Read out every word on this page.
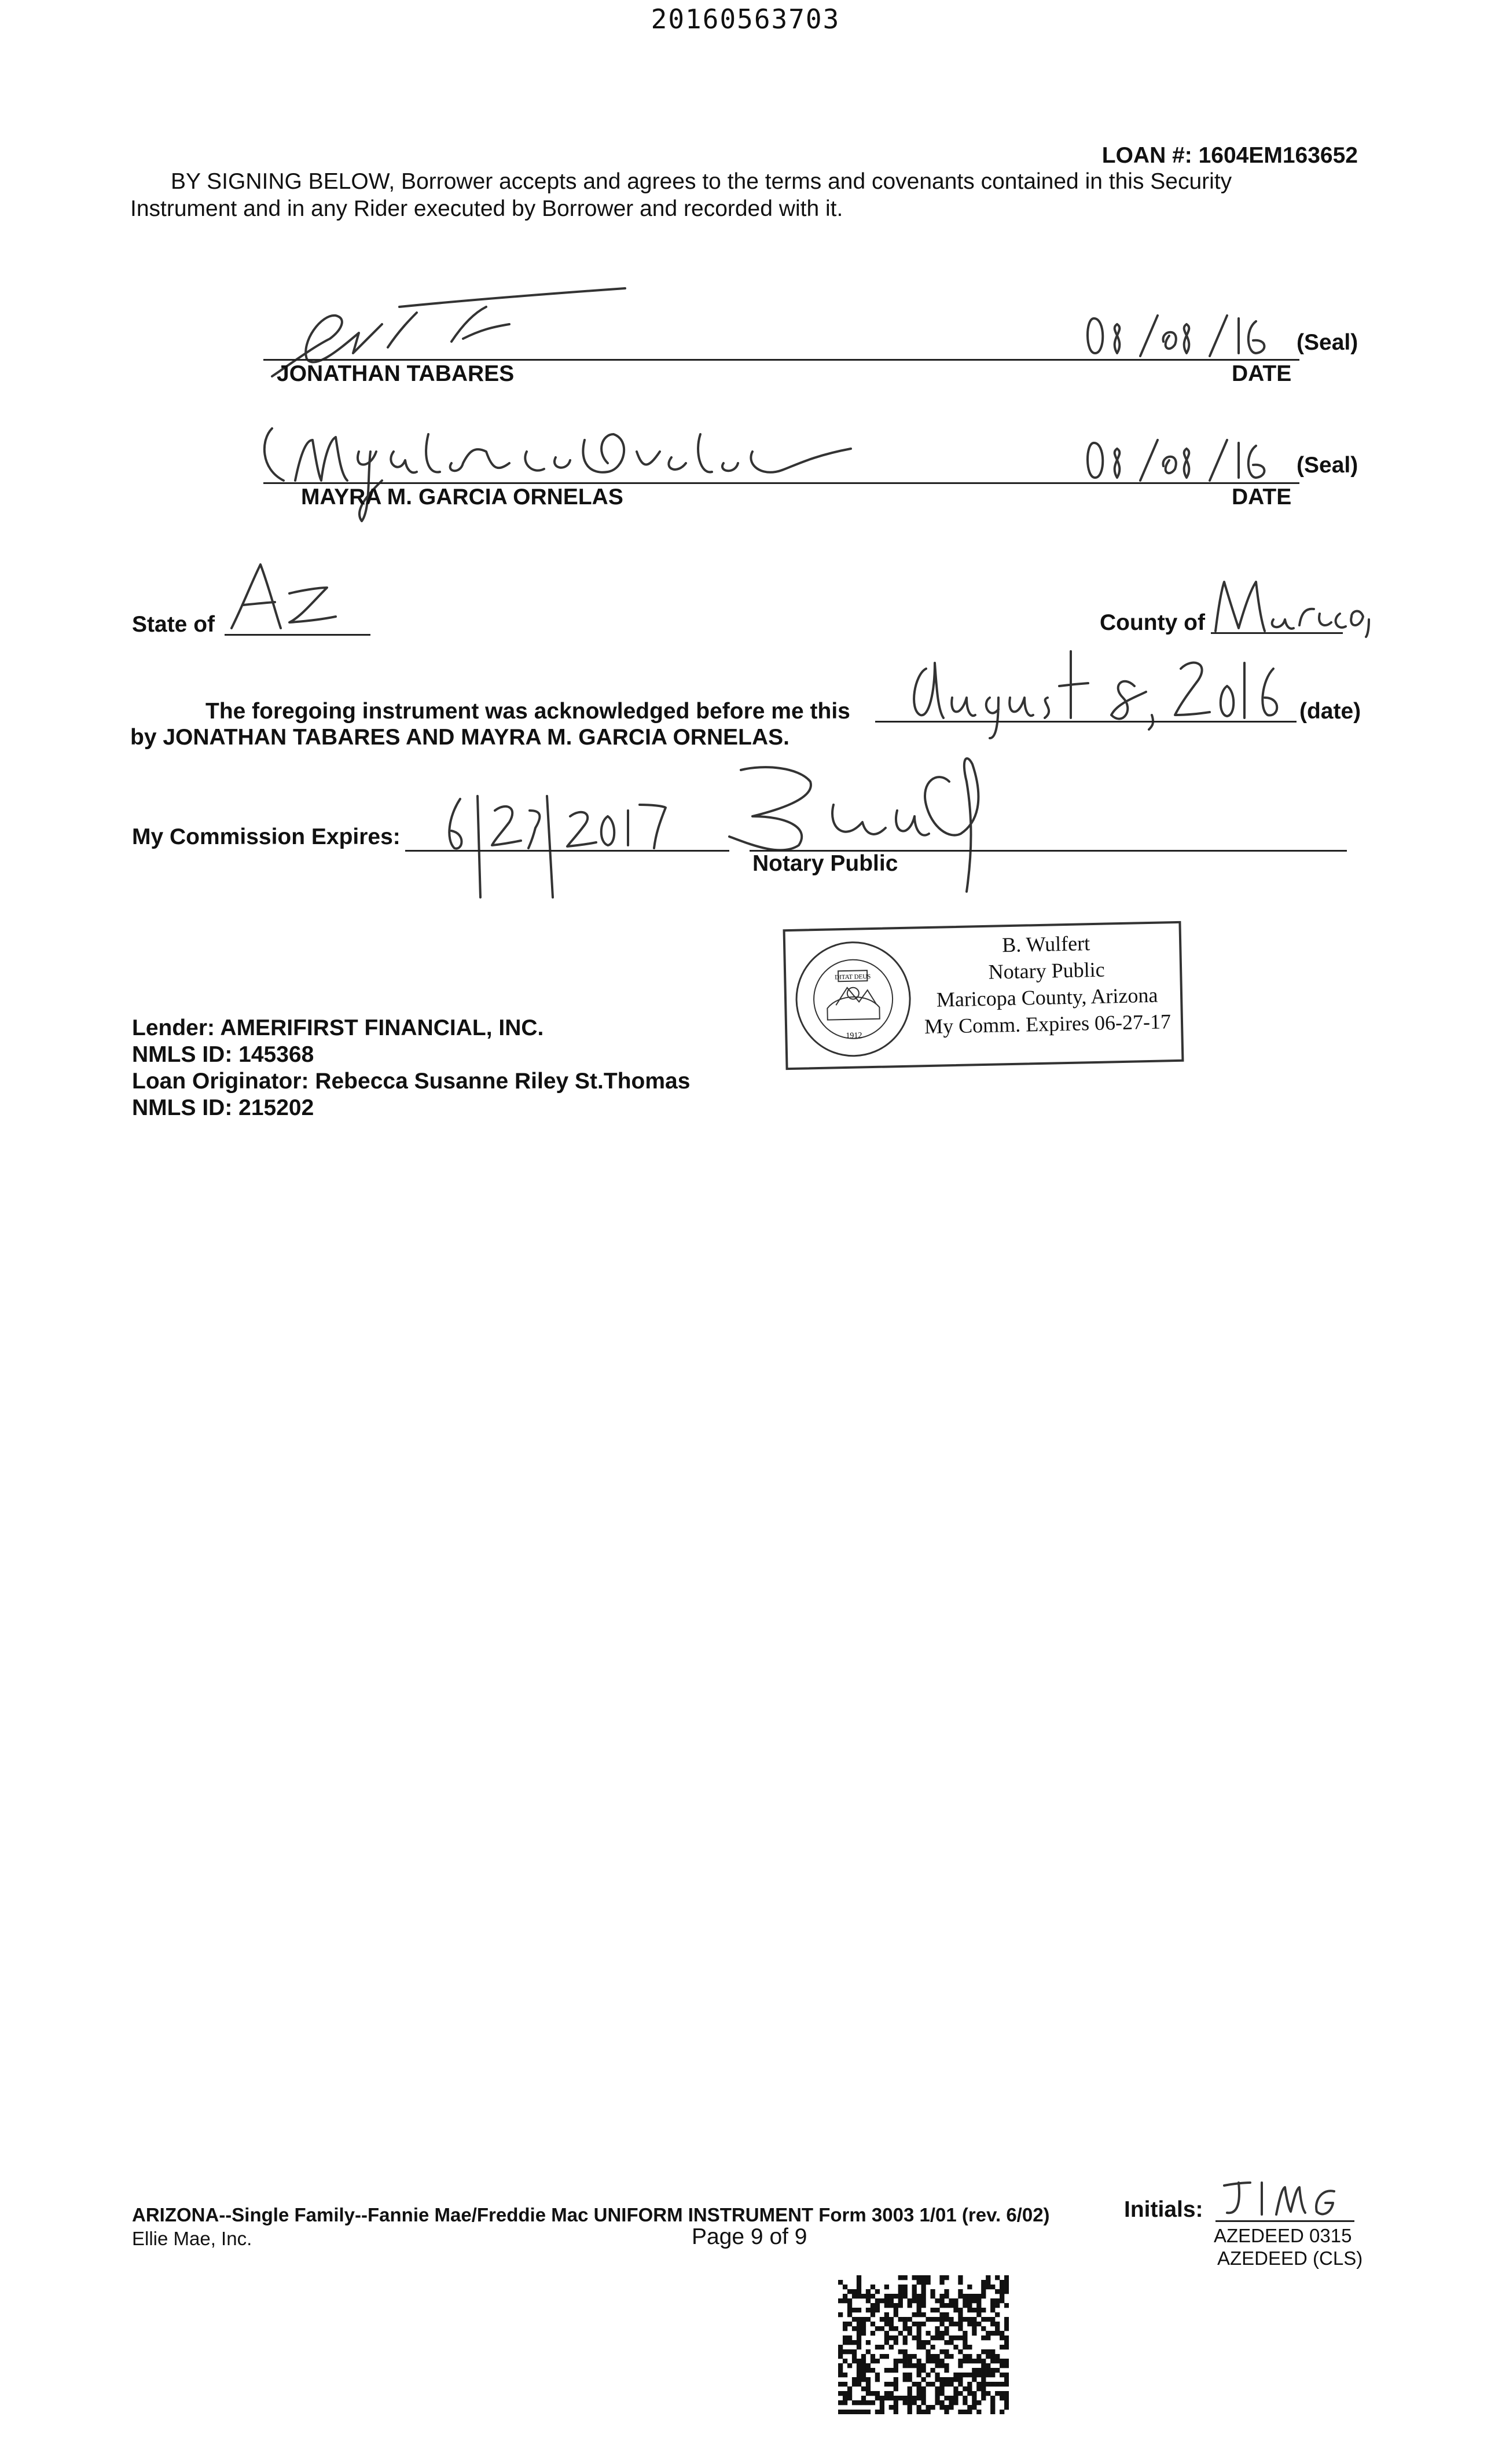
20160563703
LOAN #: 1604EM163652
BY SIGNING BELOW, Borrower accepts and agrees to the terms and covenants contained in this Security
Instrument and in any Rider executed by Borrower and recorded with it.
JONATHAN TABARES
(Seal)
DATE
MAYRA M. GARCIA ORNELAS
(Seal)
DATE
State of	County of
The foregoing instrument was acknowledged before me this	(date)
by JONATHAN TABARES AND MAYRA M. GARCIA ORNELAS.
My Commission Expires:
Notary Public
DITAT DEUS
1912
B. Wulfert
Notary Public
Maricopa County, Arizona
My Comm. Expires 06-27-17
Lender: AMERIFIRST FINANCIAL, INC.
NMLS ID: 145368
Loan Originator: Rebecca Susanne Riley St.Thomas
NMLS ID: 215202
ARIZONA--Single Family--Fannie Mae/Freddie Mac UNIFORM INSTRUMENT Form 3003 1/01 (rev. 6/02)
Ellie Mae, Inc.	Page 9 of 9
Initials:
AZEDEED 0315
AZEDEED (CLS)
